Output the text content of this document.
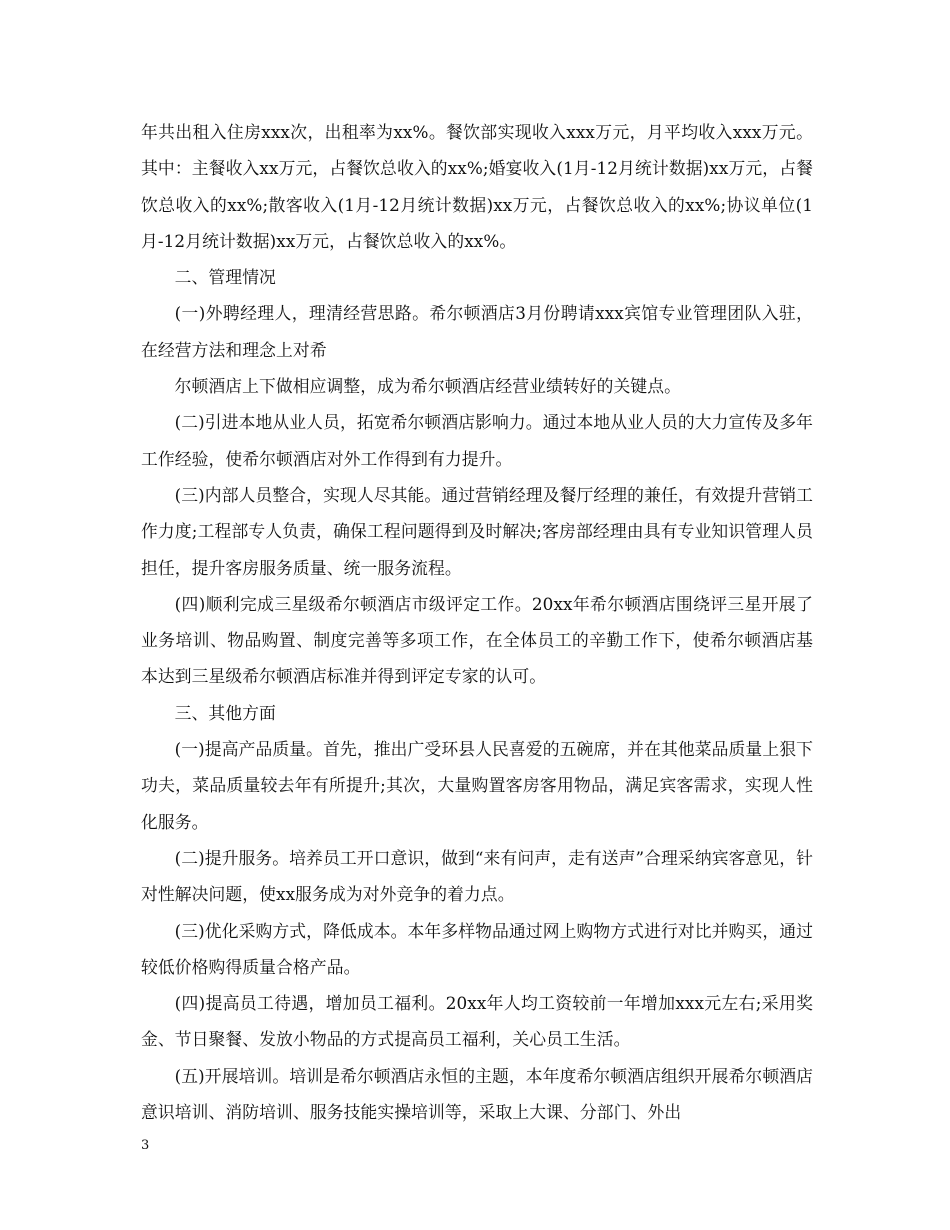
年共出租入住房xxx次，出租率为xx%。餐饮部实现收入xxx万元，月平均收入xxx万元。其中：主餐收入xx万元，占餐饮总收入的xx%;婚宴收入(1月-12月统计数据)xx万元，占餐饮总收入的xx%;散客收入(1月-12月统计数据)xx万元，占餐饮总收入的xx%;协议单位(1月-12月统计数据)xx万元，占餐饮总收入的xx%。

二、管理情况

(一)外聘经理人，理清经营思路。希尔顿酒店3月份聘请xxx宾馆专业管理团队入驻，在经营方法和理念上对希

尔顿酒店上下做相应调整，成为希尔顿酒店经营业绩转好的关键点。

(二)引进本地从业人员，拓宽希尔顿酒店影响力。通过本地从业人员的大力宣传及多年工作经验，使希尔顿酒店对外工作得到有力提升。

(三)内部人员整合，实现人尽其能。通过营销经理及餐厅经理的兼任，有效提升营销工作力度;工程部专人负责，确保工程问题得到及时解决;客房部经理由具有专业知识管理人员担任，提升客房服务质量、统一服务流程。

(四)顺利完成三星级希尔顿酒店市级评定工作。20xx年希尔顿酒店围绕评三星开展了业务培训、物品购置、制度完善等多项工作，在全体员工的辛勤工作下，使希尔顿酒店基本达到三星级希尔顿酒店标准并得到评定专家的认可。

三、其他方面

(一)提高产品质量。首先，推出广受环县人民喜爱的五碗席，并在其他菜品质量上狠下功夫，菜品质量较去年有所提升;其次，大量购置客房客用物品，满足宾客需求，实现人性化服务。

(二)提升服务。培养员工开口意识，做到“来有问声，走有送声”合理采纳宾客意见，针对性解决问题，使xx服务成为对外竞争的着力点。

(三)优化采购方式，降低成本。本年多样物品通过网上购物方式进行对比并购买，通过较低价格购得质量合格产品。

(四)提高员工待遇，增加员工福利。20xx年人均工资较前一年增加xxx元左右;采用奖金、节日聚餐、发放小物品的方式提高员工福利，关心员工生活。

(五)开展培训。培训是希尔顿酒店永恒的主题，本年度希尔顿酒店组织开展希尔顿酒店意识培训、消防培训、服务技能实操培训等，采取上大课、分部门、外出

3
